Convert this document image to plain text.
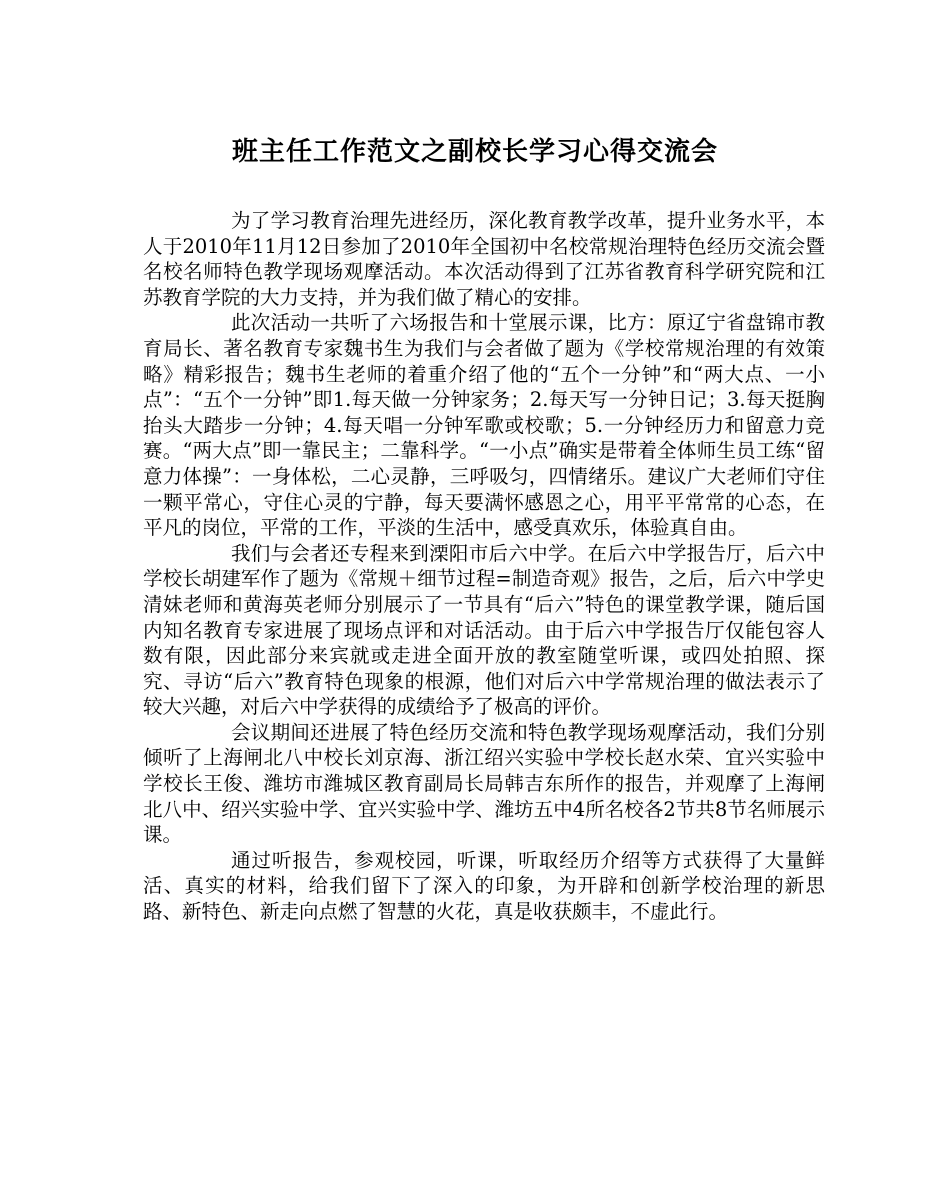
班主任工作范文之副校长学习心得交流会

为了学习教育治理先进经历，深化教育教学改革，提升业务水平，本人于2010年11月12日参加了2010年全国初中名校常规治理特色经历交流会暨名校名师特色教学现场观摩活动。本次活动得到了江苏省教育科学研究院和江苏教育学院的大力支持，并为我们做了精心的安排。

此次活动一共听了六场报告和十堂展示课，比方：原辽宁省盘锦市教育局长、著名教育专家魏书生为我们与会者做了题为《学校常规治理的有效策略》精彩报告；魏书生老师的着重介绍了他的“五个一分钟”和“两大点、一小点”：“五个一分钟”即1.每天做一分钟家务；2.每天写一分钟日记；3.每天挺胸抬头大踏步一分钟；4.每天唱一分钟军歌或校歌；5.一分钟经历力和留意力竞赛。“两大点”即一靠民主；二靠科学。“一小点”确实是带着全体师生员工练“留意力体操”：一身体松，二心灵静，三呼吸匀，四情绪乐。建议广大老师们守住一颗平常心，守住心灵的宁静，每天要满怀感恩之心，用平平常常的心态，在平凡的岗位，平常的工作，平淡的生活中，感受真欢乐，体验真自由。

我们与会者还专程来到溧阳市后六中学。在后六中学报告厅，后六中学校长胡建军作了题为《常规＋细节过程=制造奇观》报告，之后，后六中学史清妹老师和黄海英老师分别展示了一节具有“后六”特色的课堂教学课，随后国内知名教育专家进展了现场点评和对话活动。由于后六中学报告厅仅能包容人数有限，因此部分来宾就或走进全面开放的教室随堂听课，或四处拍照、探究、寻访“后六”教育特色现象的根源，他们对后六中学常规治理的做法表示了较大兴趣，对后六中学获得的成绩给予了极高的评价。

会议期间还进展了特色经历交流和特色教学现场观摩活动，我们分别倾听了上海闸北八中校长刘京海、浙江绍兴实验中学校长赵水荣、宜兴实验中学校长王俊、潍坊市潍城区教育副局长局韩吉东所作的报告，并观摩了上海闸北八中、绍兴实验中学、宜兴实验中学、潍坊五中4所名校各2节共8节名师展示课。

通过听报告，参观校园，听课，听取经历介绍等方式获得了大量鲜活、真实的材料，给我们留下了深入的印象，为开辟和创新学校治理的新思路、新特色、新走向点燃了智慧的火花，真是收获颇丰，不虚此行。
